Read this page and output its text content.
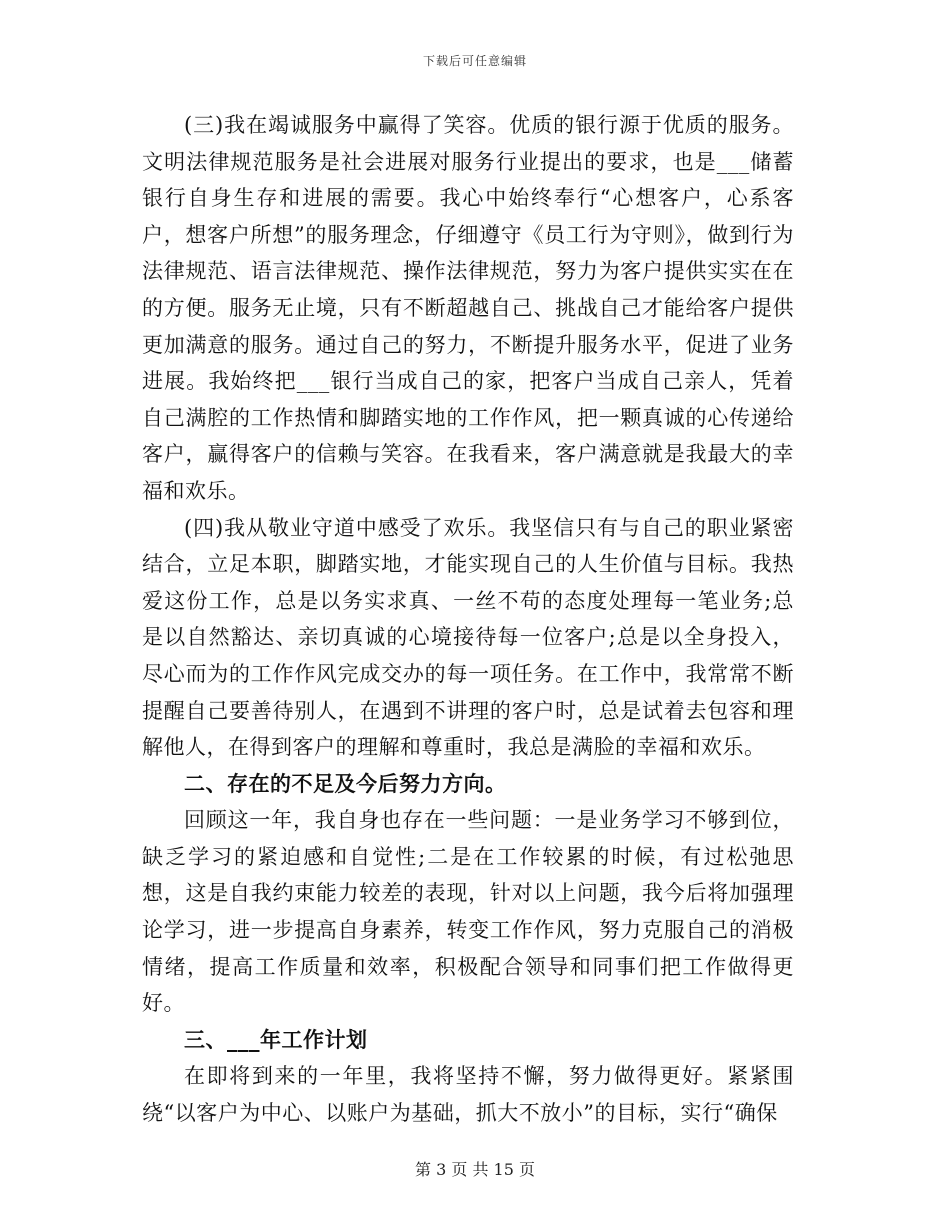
下载后可任意编辑

(三)我在竭诚服务中赢得了笑容。优质的银行源于优质的服务。文明法律规范服务是社会进展对服务行业提出的要求，也是___储蓄银行自身生存和进展的需要。我心中始终奉行“心想客户，心系客户，想客户所想”的服务理念，仔细遵守《员工行为守则》，做到行为法律规范、语言法律规范、操作法律规范，努力为客户提供实实在在的方便。服务无止境，只有不断超越自己、挑战自己才能给客户提供更加满意的服务。通过自己的努力，不断提升服务水平，促进了业务进展。我始终把___银行当成自己的家，把客户当成自己亲人，凭着自己满腔的工作热情和脚踏实地的工作作风，把一颗真诚的心传递给客户，赢得客户的信赖与笑容。在我看来，客户满意就是我最大的幸福和欢乐。

(四)我从敬业守道中感受了欢乐。我坚信只有与自己的职业紧密结合，立足本职，脚踏实地，才能实现自己的人生价值与目标。我热爱这份工作，总是以务实求真、一丝不苟的态度处理每一笔业务;总是以自然豁达、亲切真诚的心境接待每一位客户;总是以全身投入，尽心而为的工作作风完成交办的每一项任务。在工作中，我常常不断提醒自己要善待别人，在遇到不讲理的客户时，总是试着去包容和理解他人，在得到客户的理解和尊重时，我总是满脸的幸福和欢乐。

二、存在的不足及今后努力方向。

回顾这一年，我自身也存在一些问题：一是业务学习不够到位，缺乏学习的紧迫感和自觉性;二是在工作较累的时候，有过松弛思想，这是自我约束能力较差的表现，针对以上问题，我今后将加强理论学习，进一步提高自身素养，转变工作作风，努力克服自己的消极情绪，提高工作质量和效率，积极配合领导和同事们把工作做得更好。

三、___年工作计划

在即将到来的一年里，我将坚持不懈，努力做得更好。紧紧围绕“以客户为中心、以账户为基础，抓大不放小”的目标，实行“确保

第 3 页 共 15 页
